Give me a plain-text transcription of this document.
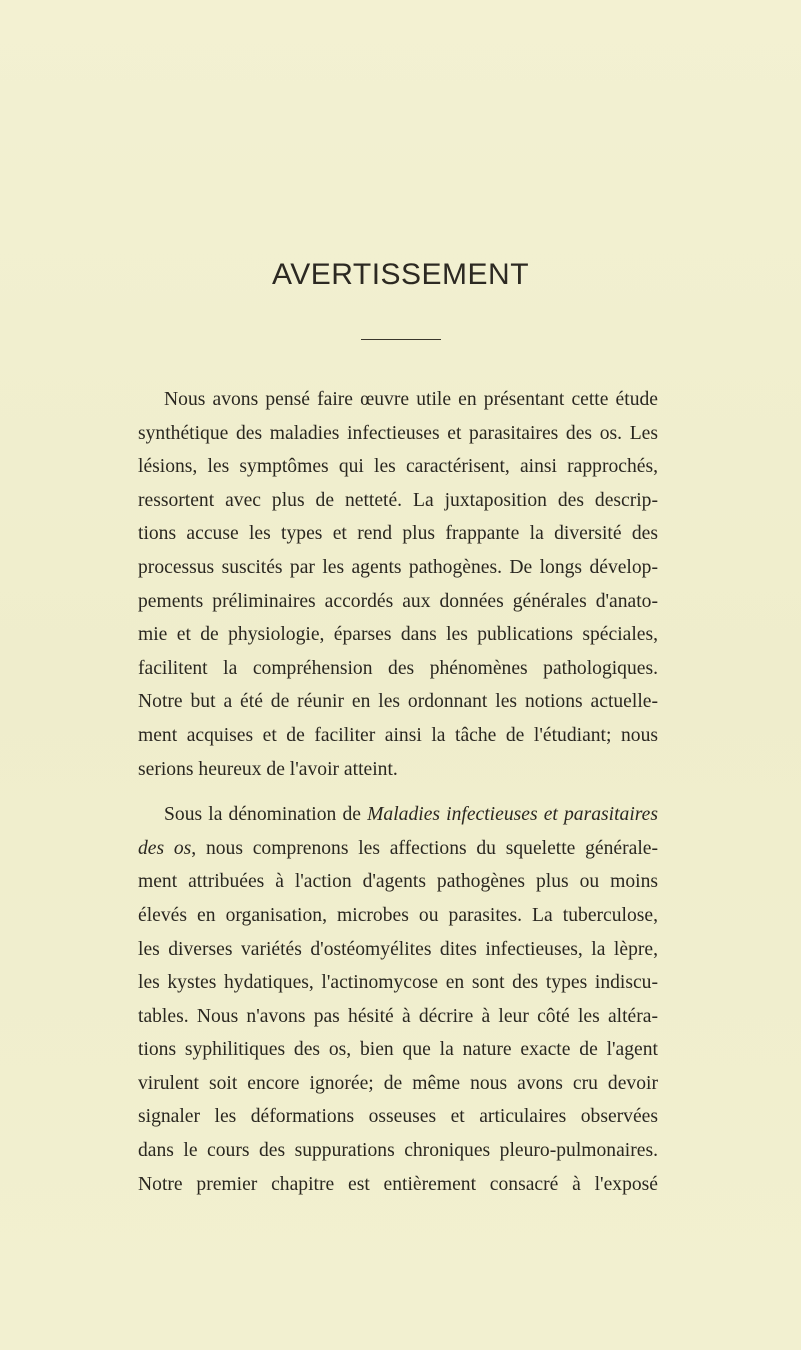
AVERTISSEMENT

Nous avons pensé faire œuvre utile en présentant cette étude
synthétique des maladies infectieuses et parasitaires des os. Les
lésions, les symptômes qui les caractérisent, ainsi rapprochés,
ressortent avec plus de netteté. La juxtaposition des descrip-
tions accuse les types et rend plus frappante la diversité des
processus suscités par les agents pathogènes. De longs dévelop-
pements préliminaires accordés aux données générales d'anato-
mie et de physiologie, éparses dans les publications spéciales,
facilitent la compréhension des phénomènes pathologiques.
Notre but a été de réunir en les ordonnant les notions actuelle-
ment acquises et de faciliter ainsi la tâche de l'étudiant; nous
serions heureux de l'avoir atteint.

Sous la dénomination de Maladies infectieuses et parasitaires
des os, nous comprenons les affections du squelette générale-
ment attribuées à l'action d'agents pathogènes plus ou moins
élevés en organisation, microbes ou parasites. La tuberculose,
les diverses variétés d'ostéomyélites dites infectieuses, la lèpre,
les kystes hydatiques, l'actinomycose en sont des types indiscu-
tables. Nous n'avons pas hésité à décrire à leur côté les altéra-
tions syphilitiques des os, bien que la nature exacte de l'agent
virulent soit encore ignorée; de même nous avons cru devoir
signaler les déformations osseuses et articulaires observées
dans le cours des suppurations chroniques pleuro-pulmonaires.
Notre premier chapitre est entièrement consacré à l'exposé
